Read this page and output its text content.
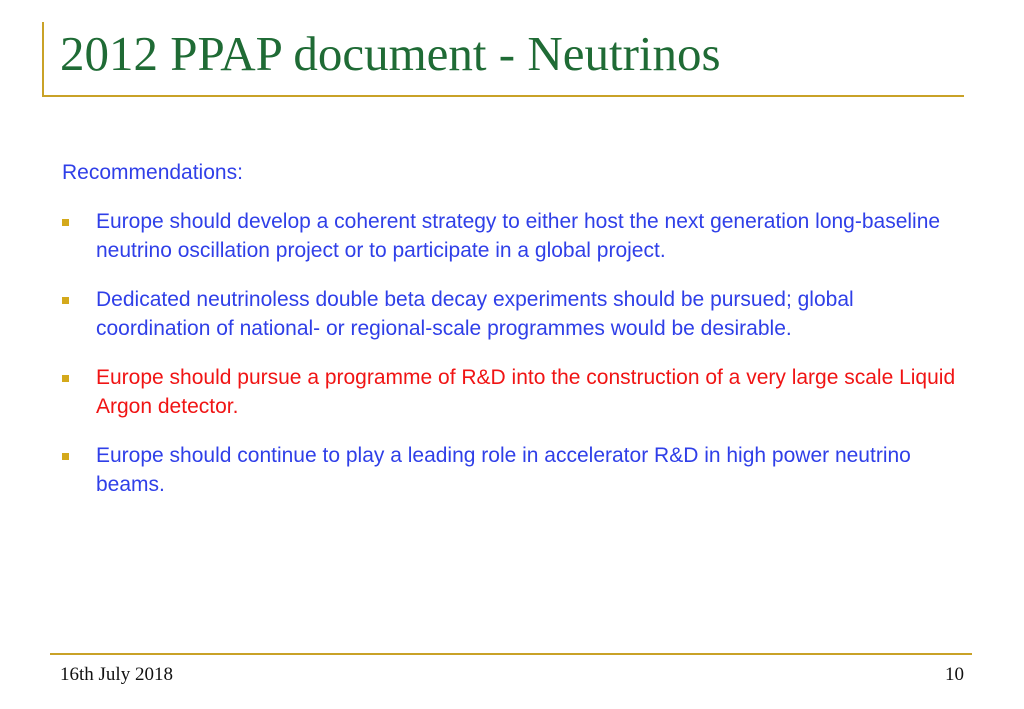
2012 PPAP document - Neutrinos

Recommendations:

Europe should develop a coherent strategy to either host the next generation long-baseline neutrino oscillation project or to participate in a global project.
Dedicated neutrinoless double beta decay experiments should be pursued; global coordination of national- or regional-scale programmes would be desirable.
Europe should pursue a programme of R&D into the construction of a very large scale Liquid Argon detector.
Europe should continue to play a leading role in accelerator R&D in high power neutrino beams.
16th July 2018	10
